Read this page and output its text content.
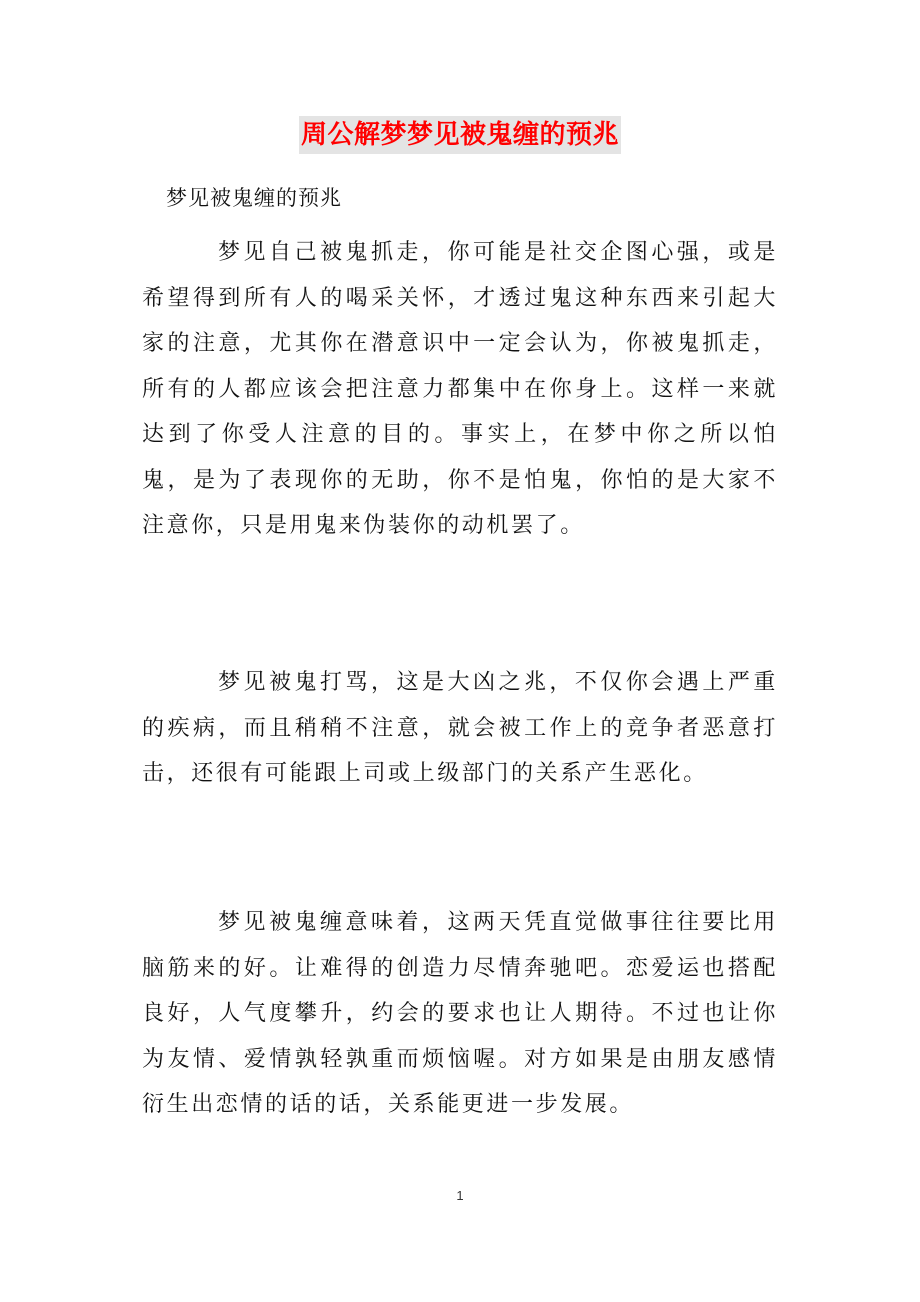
周公解梦梦见被鬼缠的预兆
梦见被鬼缠的预兆

梦见自己被鬼抓走，你可能是社交企图心强，或是希望得到所有人的喝采关怀，才透过鬼这种东西来引起大家的注意，尤其你在潜意识中一定会认为，你被鬼抓走，所有的人都应该会把注意力都集中在你身上。这样一来就达到了你受人注意的目的。事实上，在梦中你之所以怕鬼，是为了表现你的无助，你不是怕鬼，你怕的是大家不注意你，只是用鬼来伪装你的动机罢了。

梦见被鬼打骂，这是大凶之兆，不仅你会遇上严重的疾病，而且稍稍不注意，就会被工作上的竞争者恶意打击，还很有可能跟上司或上级部门的关系产生恶化。

梦见被鬼缠意味着，这两天凭直觉做事往往要比用脑筋来的好。让难得的创造力尽情奔驰吧。恋爱运也搭配良好，人气度攀升，约会的要求也让人期待。不过也让你为友情、爱情孰轻孰重而烦恼喔。对方如果是由朋友感情衍生出恋情的话的话，关系能更进一步发展。

1
